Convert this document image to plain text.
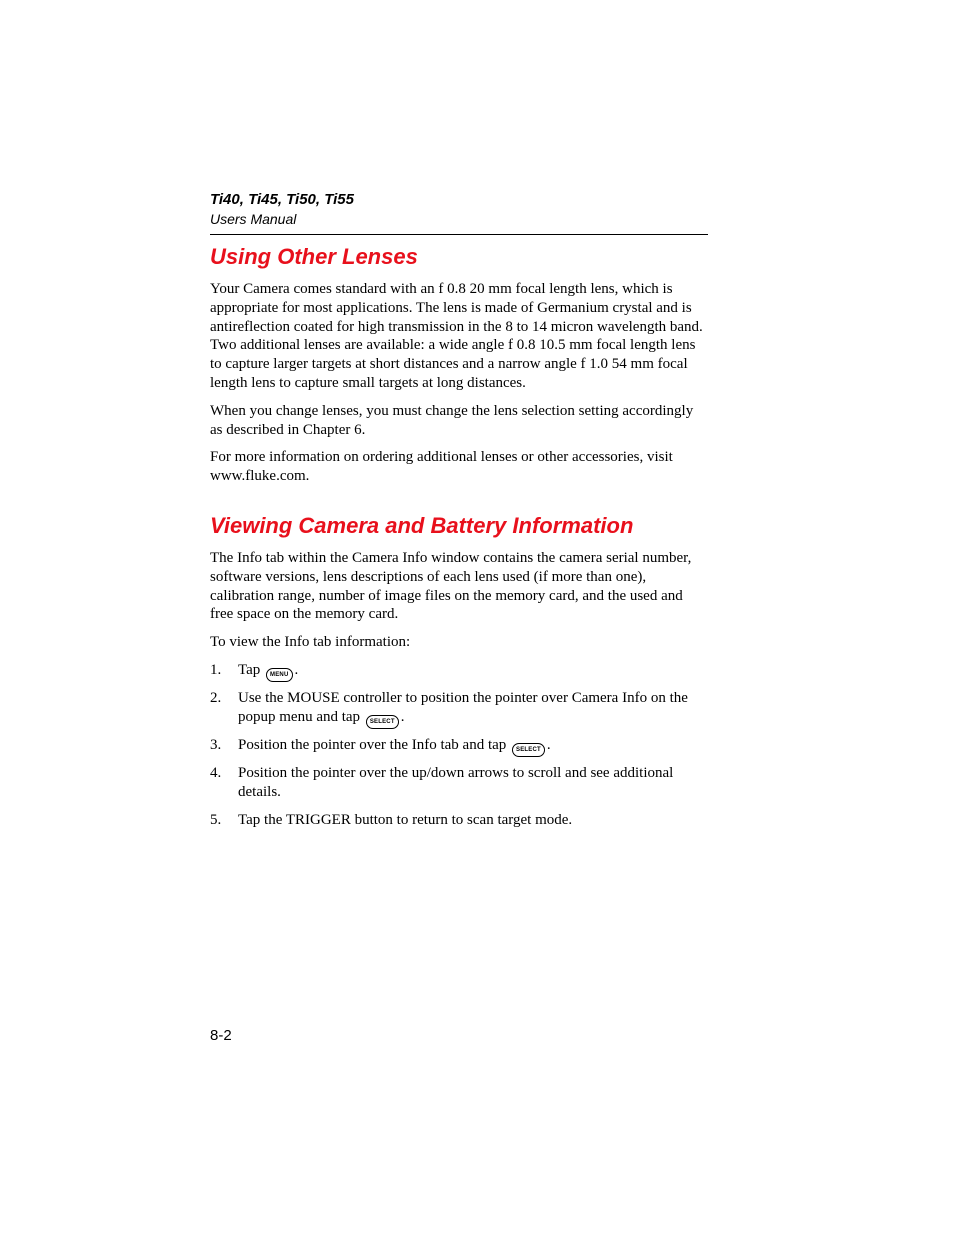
Ti40, Ti45, Ti50, Ti55
Users Manual
Using Other Lenses

Your Camera comes standard with an f 0.8 20 mm focal length lens, which is appropriate for most applications. The lens is made of Germanium crystal and is antireflection coated for high transmission in the 8 to 14 micron wavelength band. Two additional lenses are available: a wide angle f 0.8 10.5 mm focal length lens to capture larger targets at short distances and a narrow angle f 1.0 54 mm focal length lens to capture small targets at long distances.

When you change lenses, you must change the lens selection setting accordingly as described in Chapter 6.

For more information on ordering additional lenses or other accessories, visit www.fluke.com.

Viewing Camera and Battery Information

The Info tab within the Camera Info window contains the camera serial number, software versions, lens descriptions of each lens used (if more than one), calibration range, number of image files on the memory card, and the used and free space on the memory card.

To view the Info tab information:

1. Tap MENU .
2. Use the MOUSE controller to position the pointer over Camera Info on the popup menu and tap SELECT .
3. Position the pointer over the Info tab and tap SELECT .
4. Position the pointer over the up/down arrows to scroll and see additional details.
5. Tap the TRIGGER button to return to scan target mode.
8-2
